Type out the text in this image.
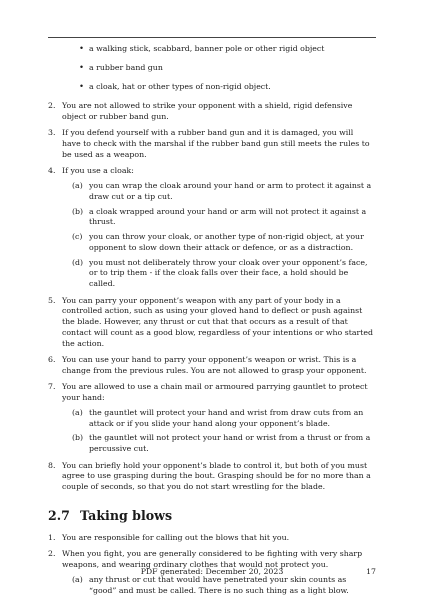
• a walking stick, scabbard, banner pole or other rigid object
• a rubber band gun
• a cloak, hat or other types of non-rigid object.
2. You are not allowed to strike your opponent with a shield, rigid defensive object or rubber band gun.
3. If you defend yourself with a rubber band gun and it is damaged, you will have to check with the marshal if the rubber band gun still meets the rules to be used as a weapon.
4. If you use a cloak:
(a) you can wrap the cloak around your hand or arm to protect it against a draw cut or a tip cut.
(b) a cloak wrapped around your hand or arm will not protect it against a thrust.
(c) you can throw your cloak, or another type of non-rigid object, at your opponent to slow down their attack or defence, or as a distraction.
(d) you must not deliberately throw your cloak over your opponent’s face, or to trip them - if the cloak falls over their face, a hold should be called.
5. You can parry your opponent’s weapon with any part of your body in a controlled action, such as using your gloved hand to deflect or push against the blade. However, any thrust or cut that that occurs as a result of that contact will count as a good blow, regardless of your intentions or who started the action.
6. You can use your hand to parry your opponent’s weapon or wrist. This is a change from the previous rules. You are not allowed to grasp your opponent.
7. You are allowed to use a chain mail or armoured parrying gauntlet to protect your hand:
(a) the gauntlet will protect your hand and wrist from draw cuts from an attack or if you slide your hand along your opponent’s blade.
(b) the gauntlet will not protect your hand or wrist from a thrust or from a percussive cut.
8. You can briefly hold your opponent’s blade to control it, but both of you must agree to use grasping during the bout. Grasping should be for no more than a couple of seconds, so that you do not start wrestling for the blade.
2.7 Taking blows
1. You are responsible for calling out the blows that hit you.
2. When you fight, you are generally considered to be fighting with very sharp weapons, and wearing ordinary clothes that would not protect you.
(a) any thrust or cut that would have penetrated your skin counts as “good” and must be called. There is no such thing as a light blow.
PDF generated: December 20, 2023	17
